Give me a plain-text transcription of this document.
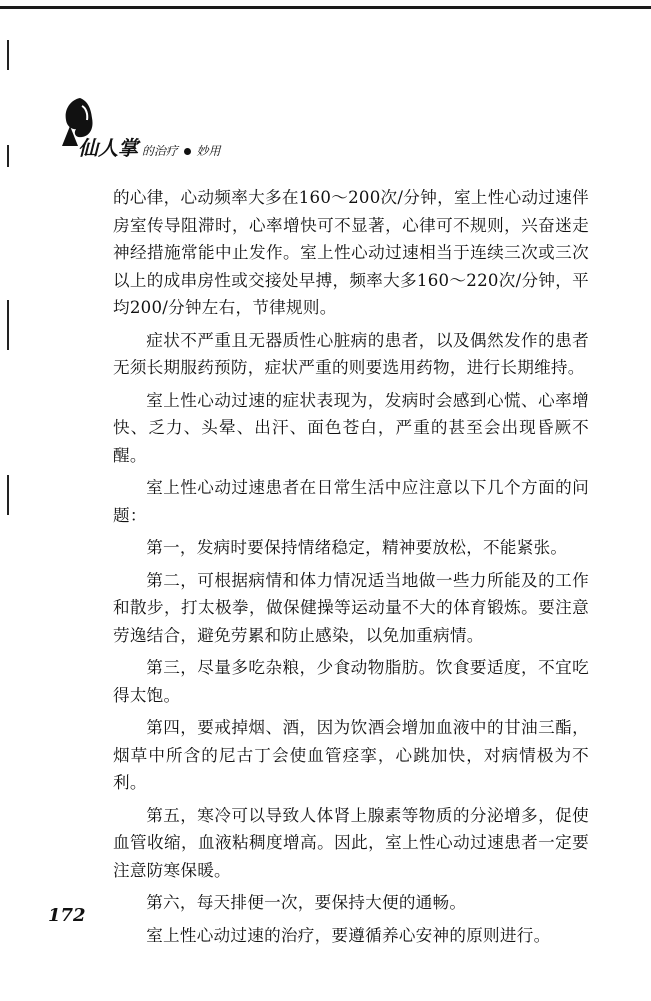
仙人掌 的治疗 妙用

的心律，心动频率大多在160～200次/分钟，室上性心动过速伴房室传导阻滞时，心率增快可不显著，心律可不规则，兴奋迷走神经措施常能中止发作。室上性心动过速相当于连续三次或三次以上的成串房性或交接处早搏，频率大多160～220次/分钟，平均200/分钟左右，节律规则。

症状不严重且无器质性心脏病的患者，以及偶然发作的患者无须长期服药预防，症状严重的则要选用药物，进行长期维持。

室上性心动过速的症状表现为，发病时会感到心慌、心率增快、乏力、头晕、出汗、面色苍白，严重的甚至会出现昏厥不醒。

室上性心动过速患者在日常生活中应注意以下几个方面的问题：

第一，发病时要保持情绪稳定，精神要放松，不能紧张。

第二，可根据病情和体力情况适当地做一些力所能及的工作和散步，打太极拳，做保健操等运动量不大的体育锻炼。要注意劳逸结合，避免劳累和防止感染，以免加重病情。

第三，尽量多吃杂粮，少食动物脂肪。饮食要适度，不宜吃得太饱。

第四，要戒掉烟、酒，因为饮酒会增加血液中的甘油三酯，烟草中所含的尼古丁会使血管痉挛，心跳加快，对病情极为不利。

第五，寒冷可以导致人体肾上腺素等物质的分泌增多，促使血管收缩，血液粘稠度增高。因此，室上性心动过速患者一定要注意防寒保暖。

第六，每天排便一次，要保持大便的通畅。

室上性心动过速的治疗，要遵循养心安神的原则进行。

172
